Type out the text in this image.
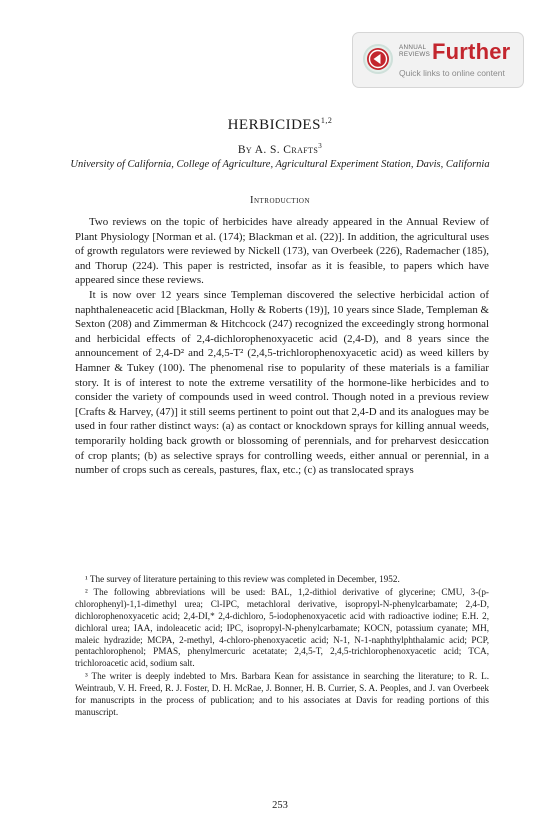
ANNUAL
REVIEWS Further
Quick links to online content
HERBICIDES$^{1,2}$
By A. S. Crafts$^3$
University of California, College of Agriculture, Agricultural Experiment Station, Davis, California
Introduction

Two reviews on the topic of herbicides have already appeared in the Annual Review of Plant Physiology [Norman et al. (174); Blackman et al. (22)]. In addition, the agricultural uses of growth regulators were reviewed by Nickell (173), van Overbeek (226), Rademacher (185), and Thorup (224). This paper is restricted, insofar as it is feasible, to papers which have appeared since these reviews.

It is now over 12 years since Templeman discovered the selective herbicidal action of naphthaleneacetic acid [Blackman, Holly & Roberts (19)], 10 years since Slade, Templeman & Sexton (208) and Zimmerman & Hitchcock (247) recognized the exceedingly strong hormonal and herbicidal effects of 2,4-dichlorophenoxyacetic acid (2,4-D), and 8 years since the announcement of 2,4-D² and 2,4,5-T² (2,4,5-trichlorophenoxyacetic acid) as weed killers by Hamner & Tukey (100). The phenomenal rise to popularity of these materials is a familiar story. It is of interest to note the extreme versatility of the hormone-like herbicides and to consider the variety of compounds used in weed control. Though noted in a previous review [Crafts & Harvey, (47)] it still seems pertinent to point out that 2,4-D and its analogues may be used in four rather distinct ways: (a) as contact or knockdown sprays for killing annual weeds, temporarily holding back growth or blossoming of perennials, and for preharvest desiccation of crop plants; (b) as selective sprays for controlling weeds, either annual or perennial, in a number of crops such as cereals, pastures, flax, etc.; (c) as translocated sprays

¹ The survey of literature pertaining to this review was completed in December, 1952.

² The following abbreviations will be used: BAL, 1,2-dithiol derivative of glycerine; CMU, 3-(p-chlorophenyl)-1,1-dimethyl urea; Cl-IPC, metachloral derivative, isopropyl-N-phenylcarbamate; 2,4-D, dichlorophenoxyacetic acid; 2,4-DI,* 2,4-dichloro, 5-iodophenoxyacetic acid with radioactive iodine; E.H. 2, dichloral urea; IAA, indoleacetic acid; IPC, isopropyl-N-phenylcarbamate; KOCN, potassium cyanate; MH, maleic hydrazide; MCPA, 2-methyl, 4-chloro-phenoxyacetic acid; N-1, N-1-naphthylphthalamic acid; PCP, pentachlorophenol; PMAS, phenylmercuric acetatate; 2,4,5-T, 2,4,5-trichlorophenoxyacetic acid; TCA, trichloroacetic acid, sodium salt.

³ The writer is deeply indebted to Mrs. Barbara Kean for assistance in searching the literature; to R. L. Weintraub, V. H. Freed, R. J. Foster, D. H. McRae, J. Bonner, H. B. Currier, S. A. Peoples, and J. van Overbeek for manuscripts in the process of publication; and to his associates at Davis for reading portions of this manuscript.

253
